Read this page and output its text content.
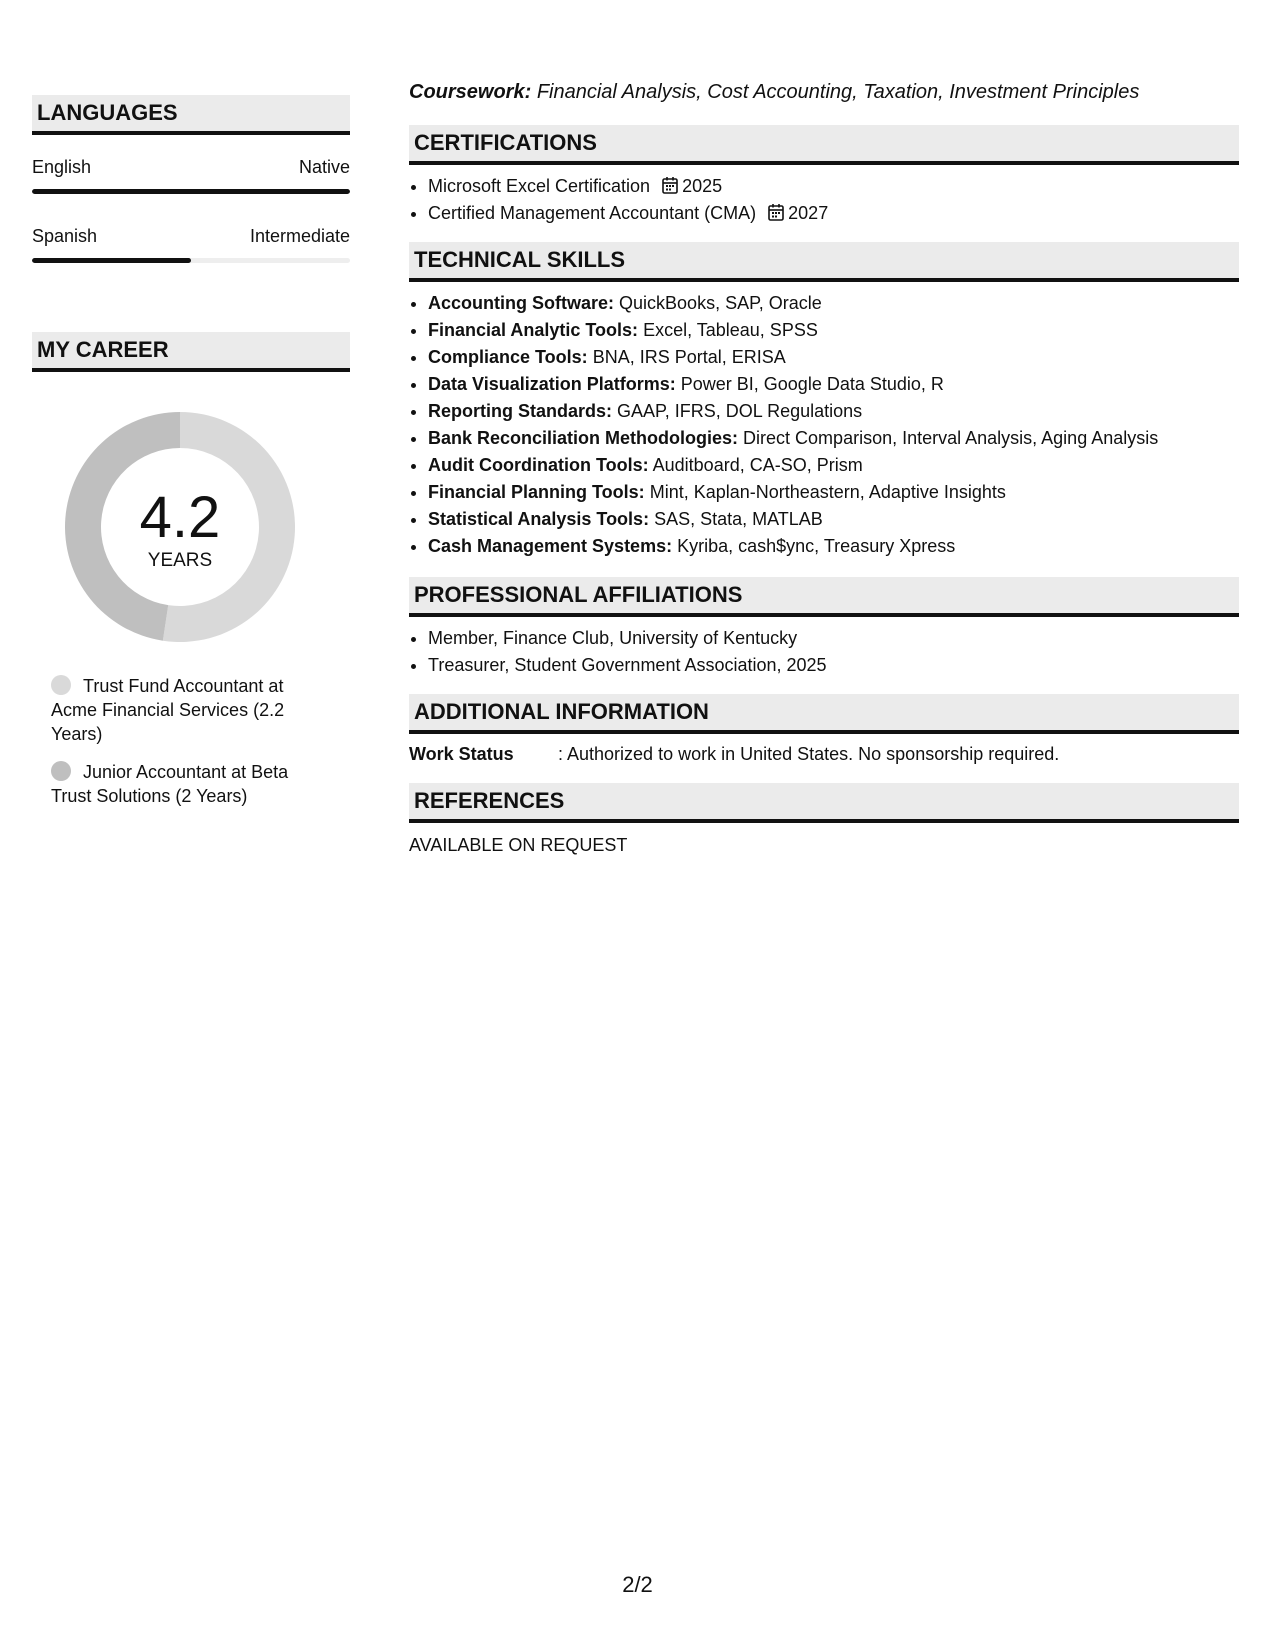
LANGUAGES
English	Native
Spanish	Intermediate
MY CAREER
4.2
YEARS
Trust Fund Accountant at Acme Financial Services (2.2 Years)
Junior Accountant at Beta Trust Solutions (2 Years)
Coursework: Financial Analysis, Cost Accounting, Taxation, Investment Principles
CERTIFICATIONS
• Microsoft Excel Certification 2025
• Certified Management Accountant (CMA) 2027
TECHNICAL SKILLS
• Accounting Software: QuickBooks, SAP, Oracle
• Financial Analytic Tools: Excel, Tableau, SPSS
• Compliance Tools: BNA, IRS Portal, ERISA
• Data Visualization Platforms: Power BI, Google Data Studio, R
• Reporting Standards: GAAP, IFRS, DOL Regulations
• Bank Reconciliation Methodologies: Direct Comparison, Interval Analysis, Aging Analysis
• Audit Coordination Tools: Auditboard, CA-SO, Prism
• Financial Planning Tools: Mint, Kaplan-Northeastern, Adaptive Insights
• Statistical Analysis Tools: SAS, Stata, MATLAB
• Cash Management Systems: Kyriba, cash$ync, Treasury Xpress
PROFESSIONAL AFFILIATIONS
• Member, Finance Club, University of Kentucky
• Treasurer, Student Government Association, 2025
ADDITIONAL INFORMATION
Work Status : Authorized to work in United States. No sponsorship required.
REFERENCES
AVAILABLE ON REQUEST
2/2
